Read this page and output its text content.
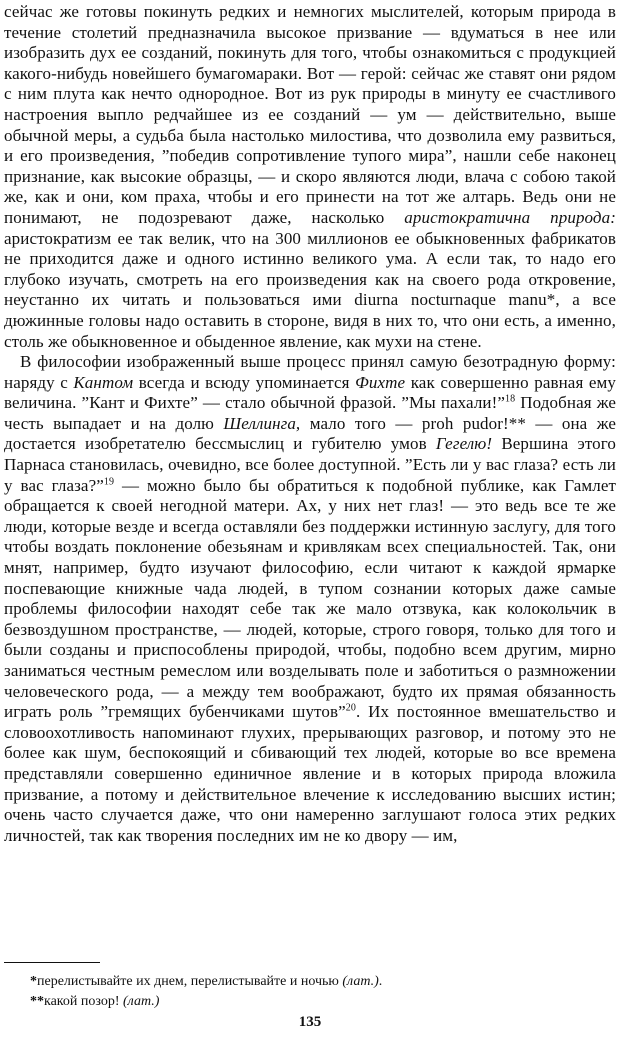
сейчас же готовы покинуть редких и немногих мыслителей, которым природа в течение столетий предназначила высокое призвание — вдуматься в нее или изобразить дух ее созданий, покинуть для того, чтобы ознакомиться с продукцией какого-нибудь новейшего бумагомараки. Вот — герой: сейчас же ставят они рядом с ним плута как нечто однородное. Вот из рук природы в минуту ее счастливого настроения выпло редчайшее из ее созданий — ум — действительно, выше обычной меры, а судьба была настолько милостива, что дозволила ему развиться, и его произведения, ”победив сопротивление тупого мира”, нашли себе наконец признание, как высокие образцы, — и скоро являются люди, влача с собою такой же, как и они, ком праха, чтобы и его принести на тот же алтарь. Ведь они не понимают, не подозревают даже, насколько аристократична природа: аристократизм ее так велик, что на 300 миллионов ее обыкновенных фабрикатов не приходится даже и одного истинно великого ума. А если так, то надо его глубоко изучать, смотреть на его произведения как на своего рода откровение, неустанно их читать и пользоваться ими diurna nocturnaque manu*, а все дюжинные головы надо оставить в стороне, видя в них то, что они есть, а именно, столь же обыкновенное и обыденное явление, как мухи на стене.

В философии изображенный выше процесс принял самую безотрадную форму: наряду с Кантом всегда и всюду упоминается Фихте как совершенно равная ему величина. ”Кант и Фихте” — стало обычной фразой. ”Мы пахали!”$^{18}$ Подобная же честь выпадает и на долю Шеллинга, мало того — proh pudor!** — она же достается изобретателю бессмыслиц и губителю умов Гегелю! Вершина этого Парнаса становилась, очевидно, все более доступной. ”Есть ли у вас глаза? есть ли у вас глаза?”$^{19}$ — можно было бы обратиться к подобной публике, как Гамлет обращается к своей негодной матери. Ах, у них нет глаз! — это ведь все те же люди, которые везде и всегда оставляли без поддержки истинную заслугу, для того чтобы воздать поклонение обезьянам и кривлякам всех специальностей. Так, они мнят, например, будто изучают философию, если читают к каждой ярмарке поспевающие книжные чада людей, в тупом сознании которых даже самые проблемы философии находят себе так же мало отзвука, как колокольчик в безвоздушном пространстве, — людей, которые, строго говоря, только для того и были созданы и приспособлены природой, чтобы, подобно всем другим, мирно заниматься честным ремеслом или возделывать поле и заботиться о размножении человеческого рода, — а между тем воображают, будто их прямая обязанность играть роль ”гремящих бубенчиками шутов”$^{20}$. Их постоянное вмешательство и словоохотливость напоминают глухих, прерывающих разговор, и потому это не более как шум, беспокоящий и сбивающий тех людей, которые во все времена представляли совершенно единичное явление и в которых природа вложила призвание, а потому и действительное влечение к исследованию высших истин; очень часто случается даже, что они намеренно заглушают голоса этих редких личностей, так как творения последних им не ко двору — им,

*перелистывайте их днем, перелистывайте и ночью (лат.).

**какой позор! (лат.)

135
